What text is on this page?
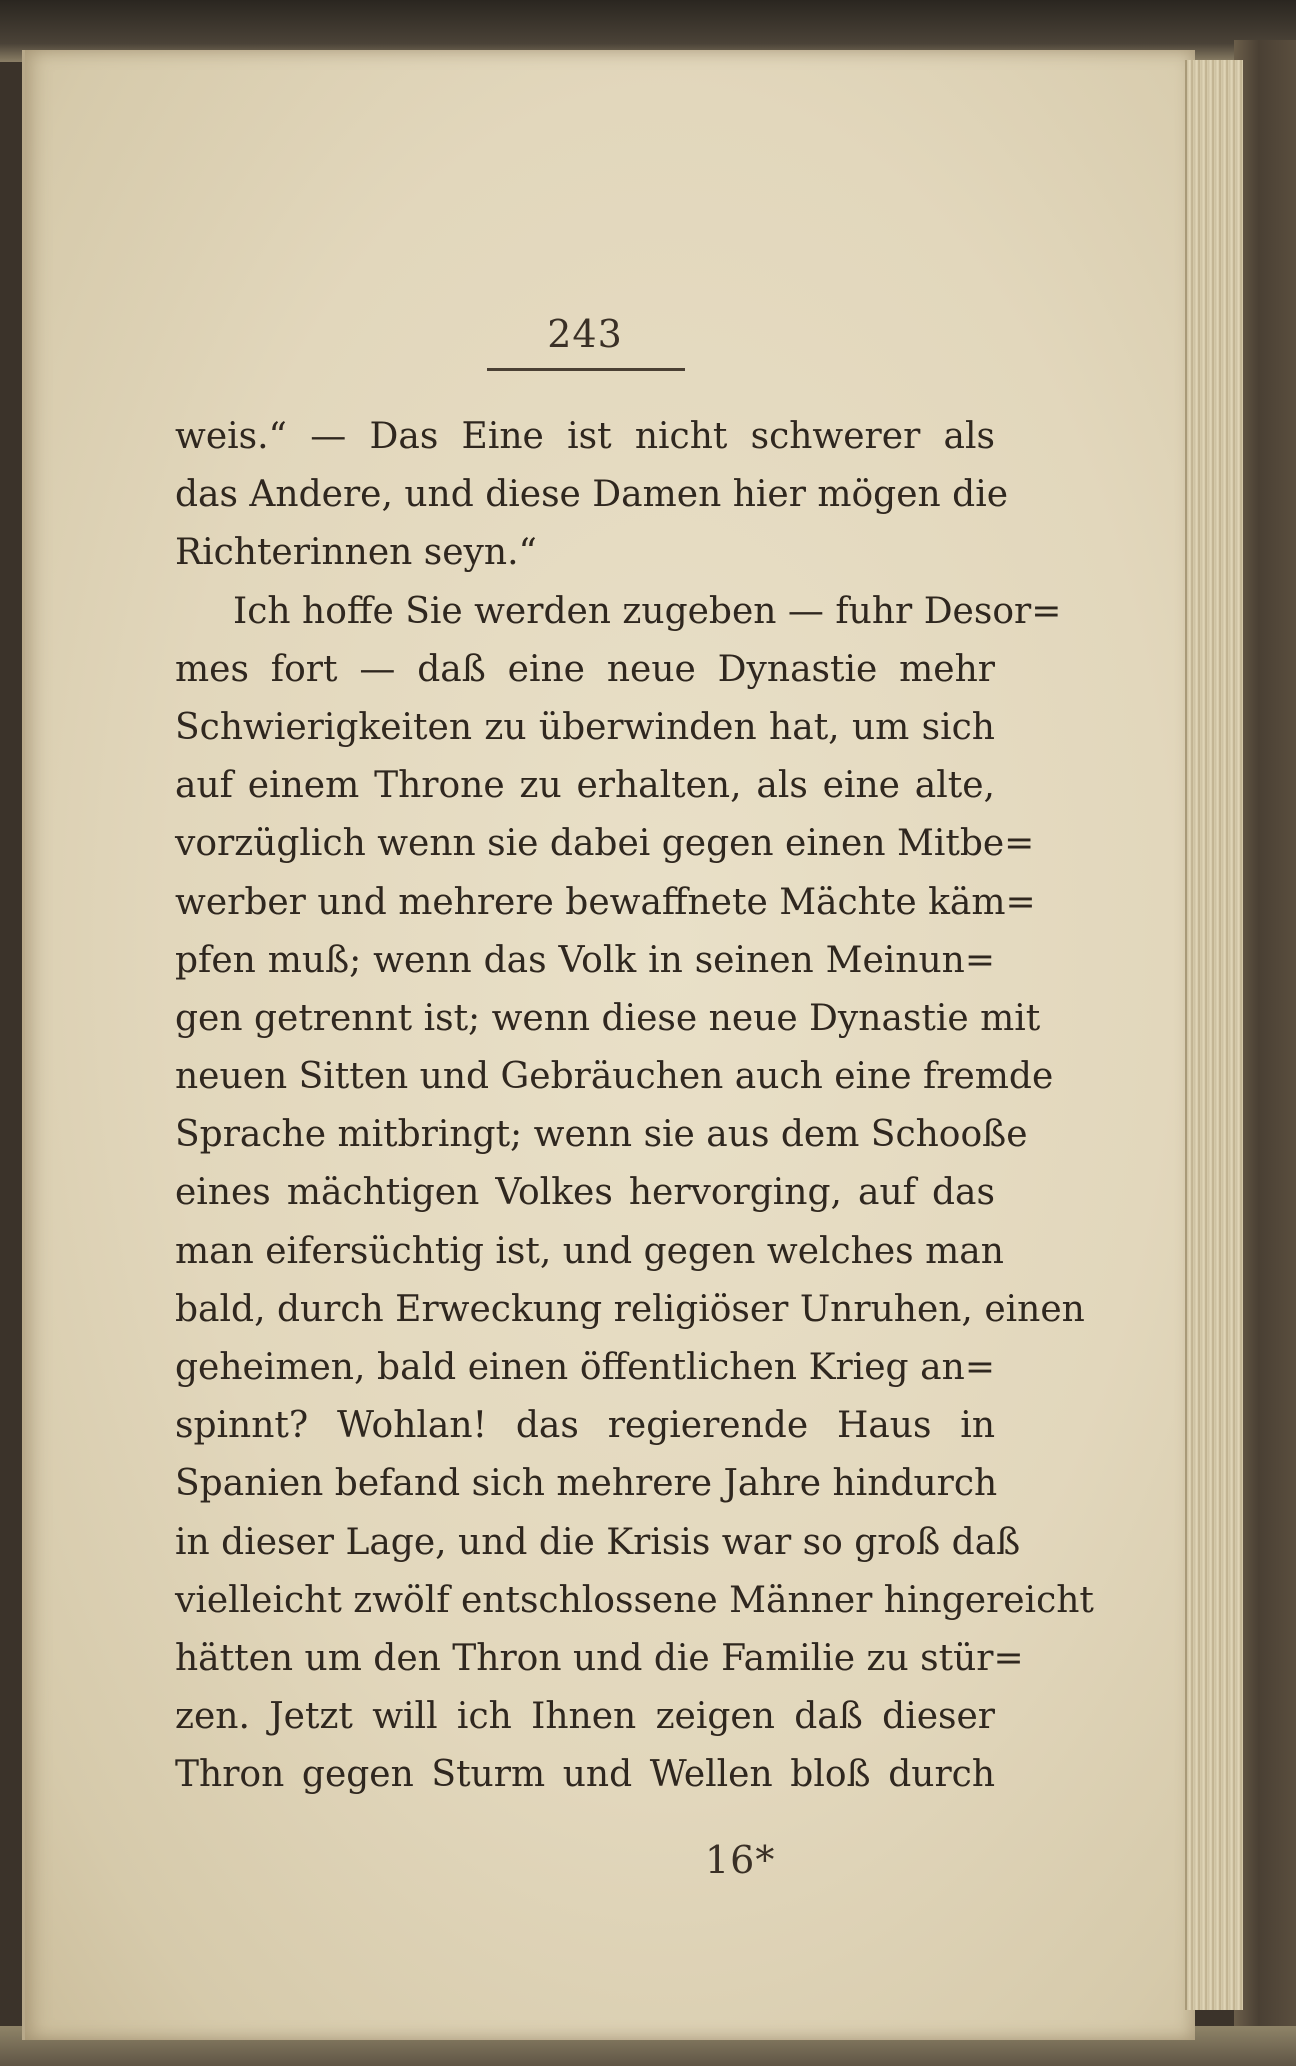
243
weis.“ — Das Eine ist nicht schwerer als
das Andere, und diese Damen hier mögen die
Richterinnen seyn.“
Ich hoffe Sie werden zugeben — fuhr Desor=
mes fort — daß eine neue Dynastie mehr
Schwierigkeiten zu überwinden hat, um sich
auf einem Throne zu erhalten, als eine alte,
vorzüglich wenn sie dabei gegen einen Mitbe=
werber und mehrere bewaffnete Mächte käm=
pfen muß; wenn das Volk in seinen Meinun=
gen getrennt ist; wenn diese neue Dynastie mit
neuen Sitten und Gebräuchen auch eine fremde
Sprache mitbringt; wenn sie aus dem Schooße
eines mächtigen Volkes hervorging, auf das
man eifersüchtig ist, und gegen welches man
bald, durch Erweckung religiöser Unruhen, einen
geheimen, bald einen öffentlichen Krieg an=
spinnt? Wohlan! das regierende Haus in
Spanien befand sich mehrere Jahre hindurch
in dieser Lage, und die Krisis war so groß daß
vielleicht zwölf entschlossene Männer hingereicht
hätten um den Thron und die Familie zu stür=
zen. Jetzt will ich Ihnen zeigen daß dieser
Thron gegen Sturm und Wellen bloß durch
16*
